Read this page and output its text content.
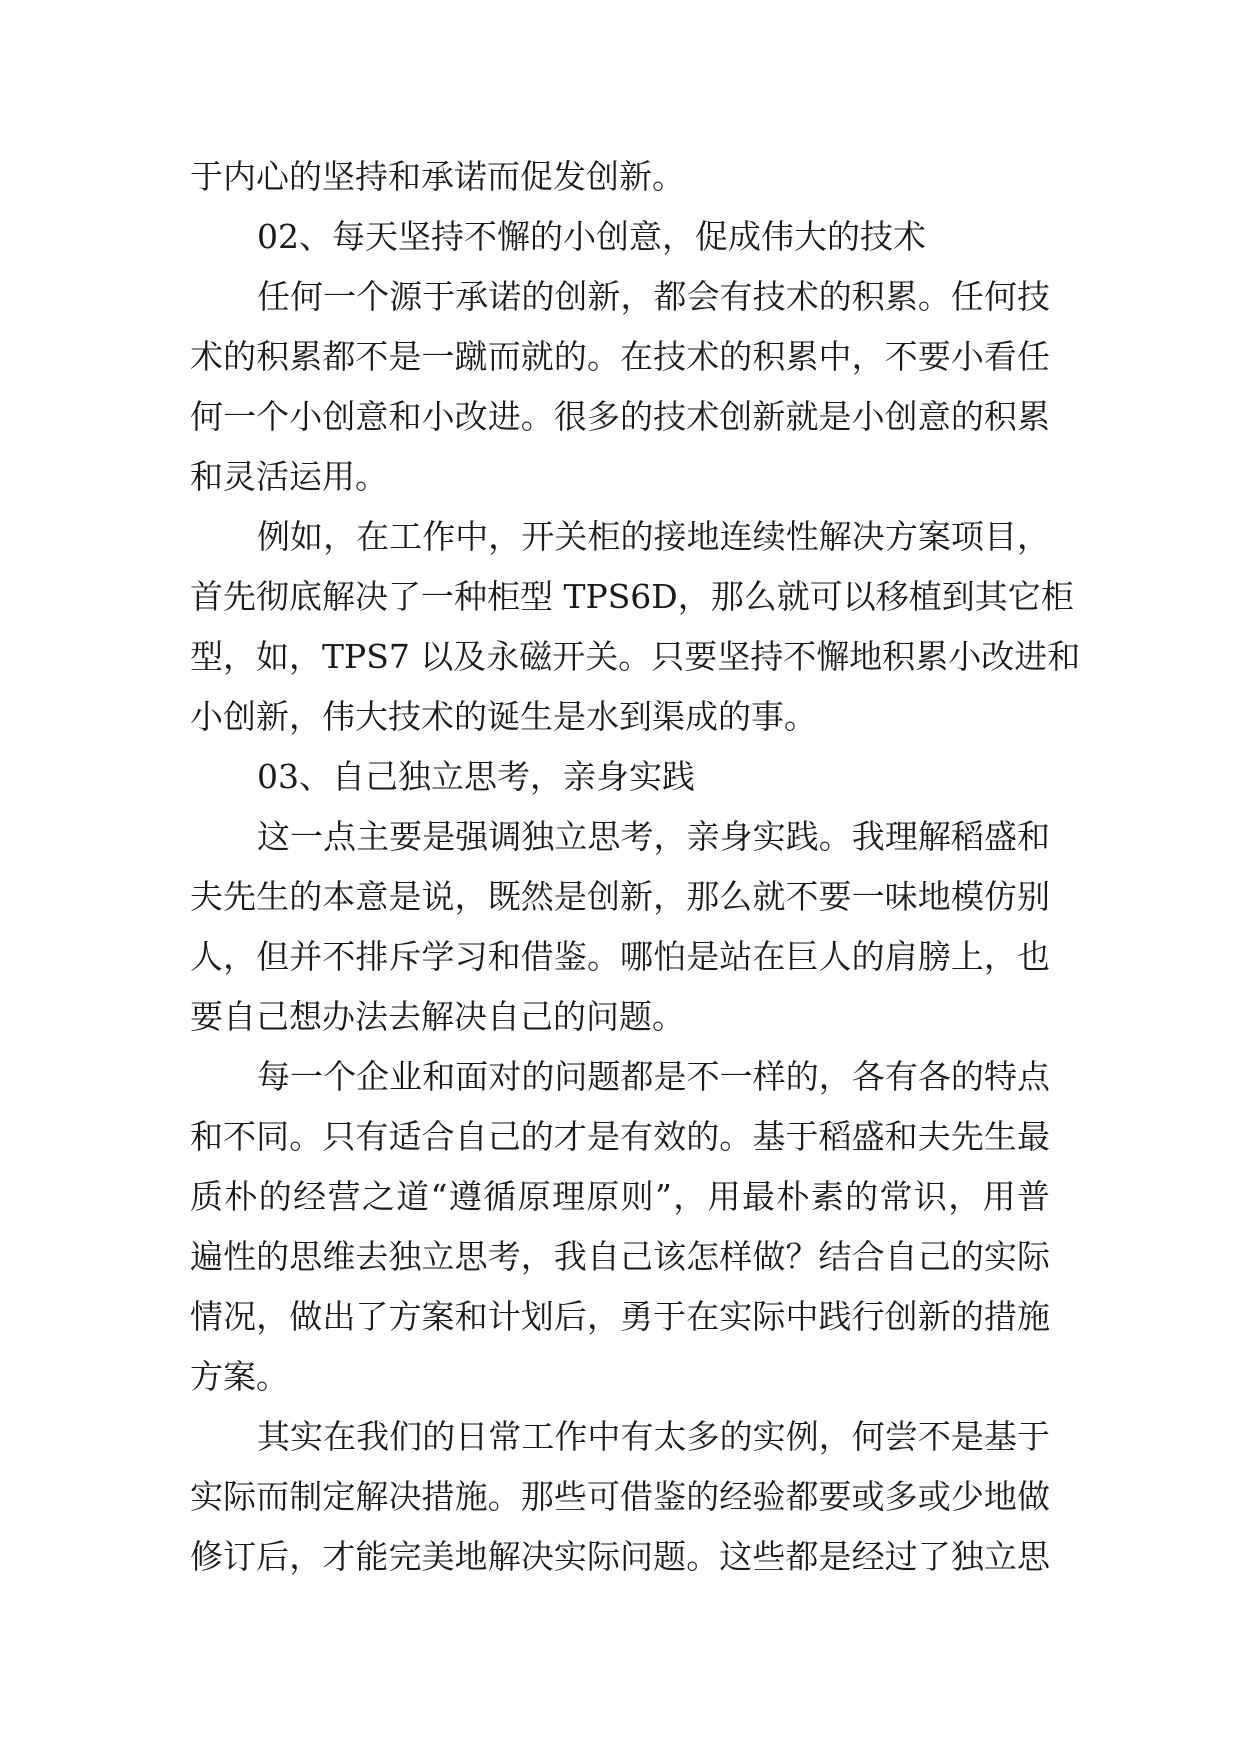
于内心的坚持和承诺而促发创新。
02、每天坚持不懈的小创意，促成伟大的技术
任何一个源于承诺的创新，都会有技术的积累。任何技
术的积累都不是一蹴而就的。在技术的积累中，不要小看任
何一个小创意和小改进。很多的技术创新就是小创意的积累
和灵活运用。
例如，在工作中，开关柜的接地连续性解决方案项目，
首先彻底解决了一种柜型 TPS6D，那么就可以移植到其它柜
型，如，TPS7 以及永磁开关。只要坚持不懈地积累小改进和
小创新，伟大技术的诞生是水到渠成的事。
03、自己独立思考，亲身实践
这一点主要是强调独立思考，亲身实践。我理解稻盛和
夫先生的本意是说，既然是创新，那么就不要一味地模仿别
人，但并不排斥学习和借鉴。哪怕是站在巨人的肩膀上，也
要自己想办法去解决自己的问题。
每一个企业和面对的问题都是不一样的，各有各的特点
和不同。只有适合自己的才是有效的。基于稻盛和夫先生最
质朴的经营之道“遵循原理原则”，用最朴素的常识，用普
遍性的思维去独立思考，我自己该怎样做？结合自己的实际
情况，做出了方案和计划后，勇于在实际中践行创新的措施
方案。
其实在我们的日常工作中有太多的实例，何尝不是基于
实际而制定解决措施。那些可借鉴的经验都要或多或少地做
修订后，才能完美地解决实际问题。这些都是经过了独立思
